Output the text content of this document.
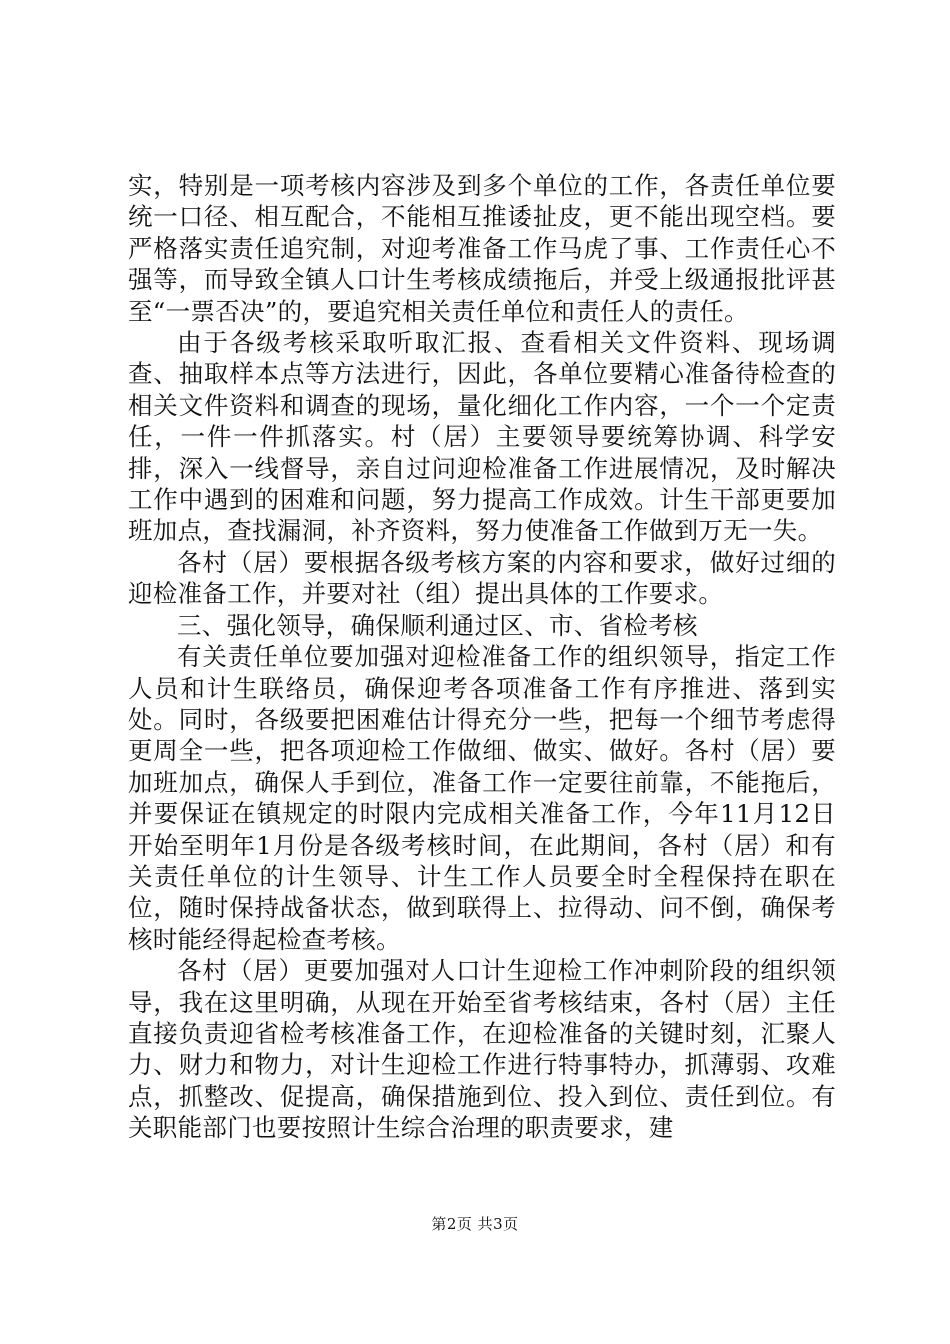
实，特别是一项考核内容涉及到多个单位的工作，各责任单位要统一口径、相互配合，不能相互推诿扯皮，更不能出现空档。要严格落实责任追究制，对迎考准备工作马虎了事、工作责任心不强等，而导致全镇人口计生考核成绩拖后，并受上级通报批评甚至“一票否决”的，要追究相关责任单位和责任人的责任。

由于各级考核采取听取汇报、查看相关文件资料、现场调查、抽取样本点等方法进行，因此，各单位要精心准备待检查的相关文件资料和调查的现场，量化细化工作内容，一个一个定责任，一件一件抓落实。村（居）主要领导要统筹协调、科学安排，深入一线督导，亲自过问迎检准备工作进展情况，及时解决工作中遇到的困难和问题，努力提高工作成效。计生干部更要加班加点，查找漏洞，补齐资料，努力使准备工作做到万无一失。

各村（居）要根据各级考核方案的内容和要求，做好过细的迎检准备工作，并要对社（组）提出具体的工作要求。

三、强化领导，确保顺利通过区、市、省检考核

有关责任单位要加强对迎检准备工作的组织领导，指定工作人员和计生联络员，确保迎考各项准备工作有序推进、落到实处。同时，各级要把困难估计得充分一些，把每一个细节考虑得更周全一些，把各项迎检工作做细、做实、做好。各村（居）要加班加点，确保人手到位，准备工作一定要往前靠，不能拖后，并要保证在镇规定的时限内完成相关准备工作，今年11月12日开始至明年1月份是各级考核时间，在此期间，各村（居）和有关责任单位的计生领导、计生工作人员要全时全程保持在职在位，随时保持战备状态，做到联得上、拉得动、问不倒，确保考核时能经得起检查考核。

各村（居）更要加强对人口计生迎检工作冲刺阶段的组织领导，我在这里明确，从现在开始至省考核结束，各村（居）主任直接负责迎省检考核准备工作，在迎检准备的关键时刻，汇聚人力、财力和物力，对计生迎检工作进行特事特办，抓薄弱、攻难点，抓整改、促提高，确保措施到位、投入到位、责任到位。有关职能部门也要按照计生综合治理的职责要求，建

第2页 共3页
